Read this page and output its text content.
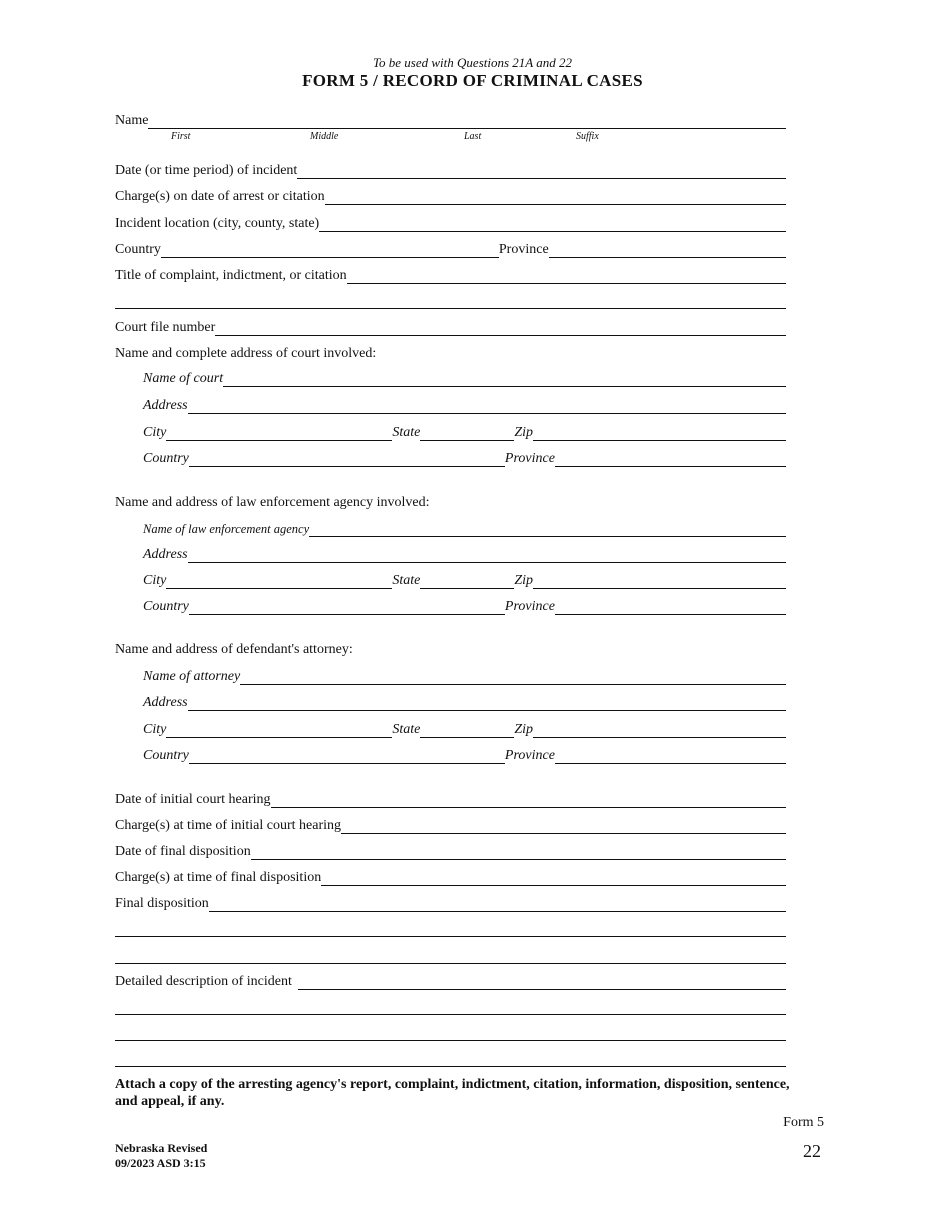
To be used with Questions 21A and 22
FORM 5 / RECORD OF CRIMINAL CASES
Name
First	Middle	Last	Suffix
Date (or time period) of incident
Charge(s) on date of arrest or citation
Incident location (city, county, state)
Country	Province
Title of complaint, indictment, or citation
Court file number
Name and complete address of court involved:
Name of court
Address
City	State	Zip
Country	Province
Name and address of law enforcement agency involved:
Name of law enforcement agency
Address
City	State	Zip
Country	Province
Name and address of defendant's attorney:
Name of attorney
Address
City	State	Zip
Country	Province
Date of initial court hearing
Charge(s) at time of initial court hearing
Date of final disposition
Charge(s) at time of final disposition
Final disposition
Detailed description of incident
Attach a copy of the arresting agency's report, complaint, indictment, citation, information, disposition, sentence, and appeal, if any.
Form 5
22
Nebraska Revised
09/2023 ASD 3:15
